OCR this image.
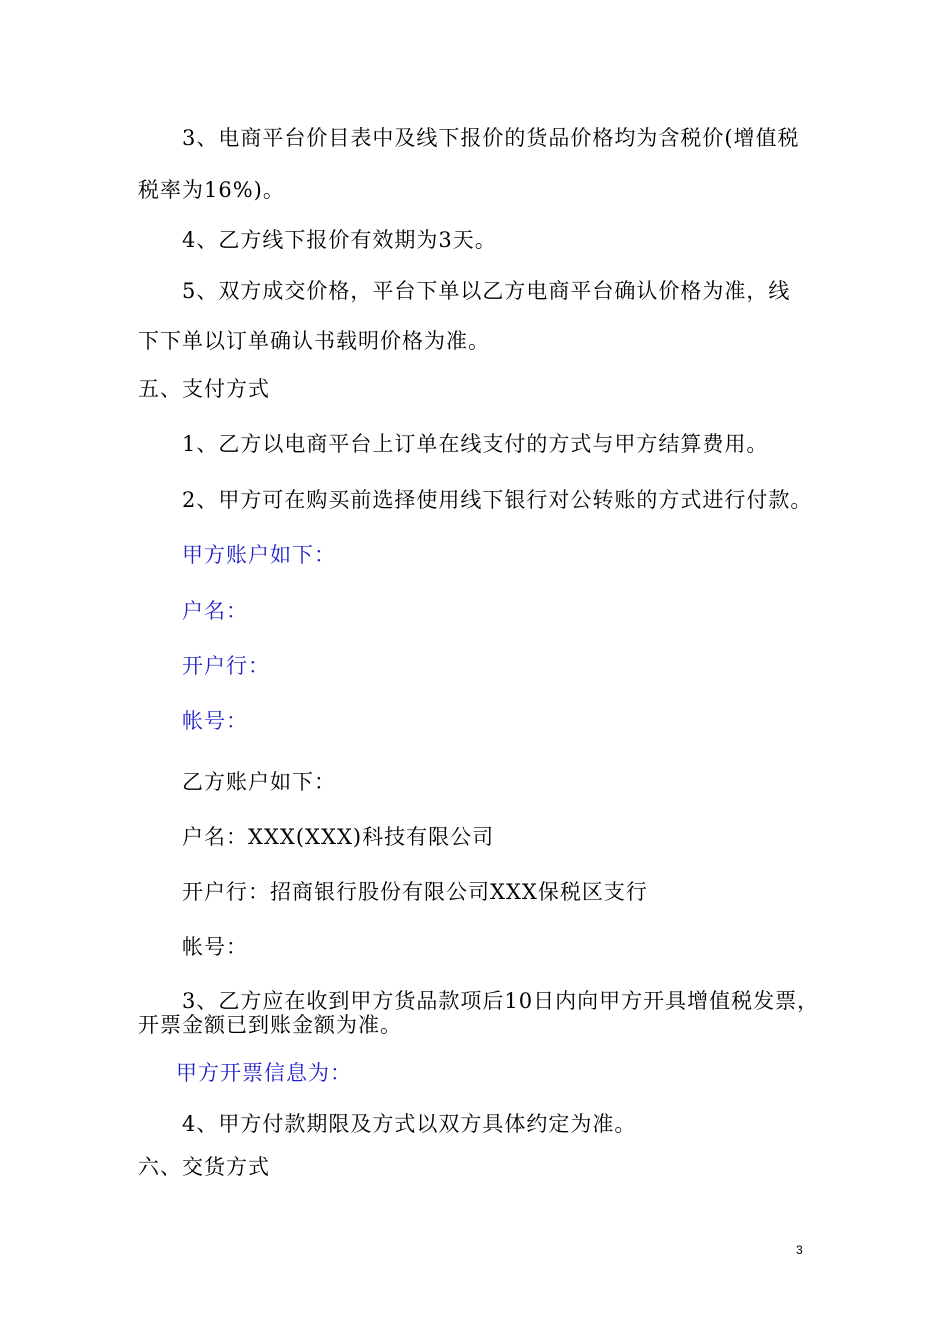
3、电商平台价目表中及线下报价的货品价格均为含税价(增值税
税率为16%)。
4、乙方线下报价有效期为3天。
5、双方成交价格，平台下单以乙方电商平台确认价格为准，线
下下单以订单确认书载明价格为准。
五、支付方式
1、乙方以电商平台上订单在线支付的方式与甲方结算费用。
2、甲方可在购买前选择使用线下银行对公转账的方式进行付款。
甲方账户如下：
户名：
开户行：
帐号：
乙方账户如下：
户名：XXX(XXX)科技有限公司
开户行：招商银行股份有限公司XXX保税区支行
帐号：
3、乙方应在收到甲方货品款项后10日内向甲方开具增值税发票，
开票金额已到账金额为准。
甲方开票信息为：
4、甲方付款期限及方式以双方具体约定为准。
六、交货方式
3
